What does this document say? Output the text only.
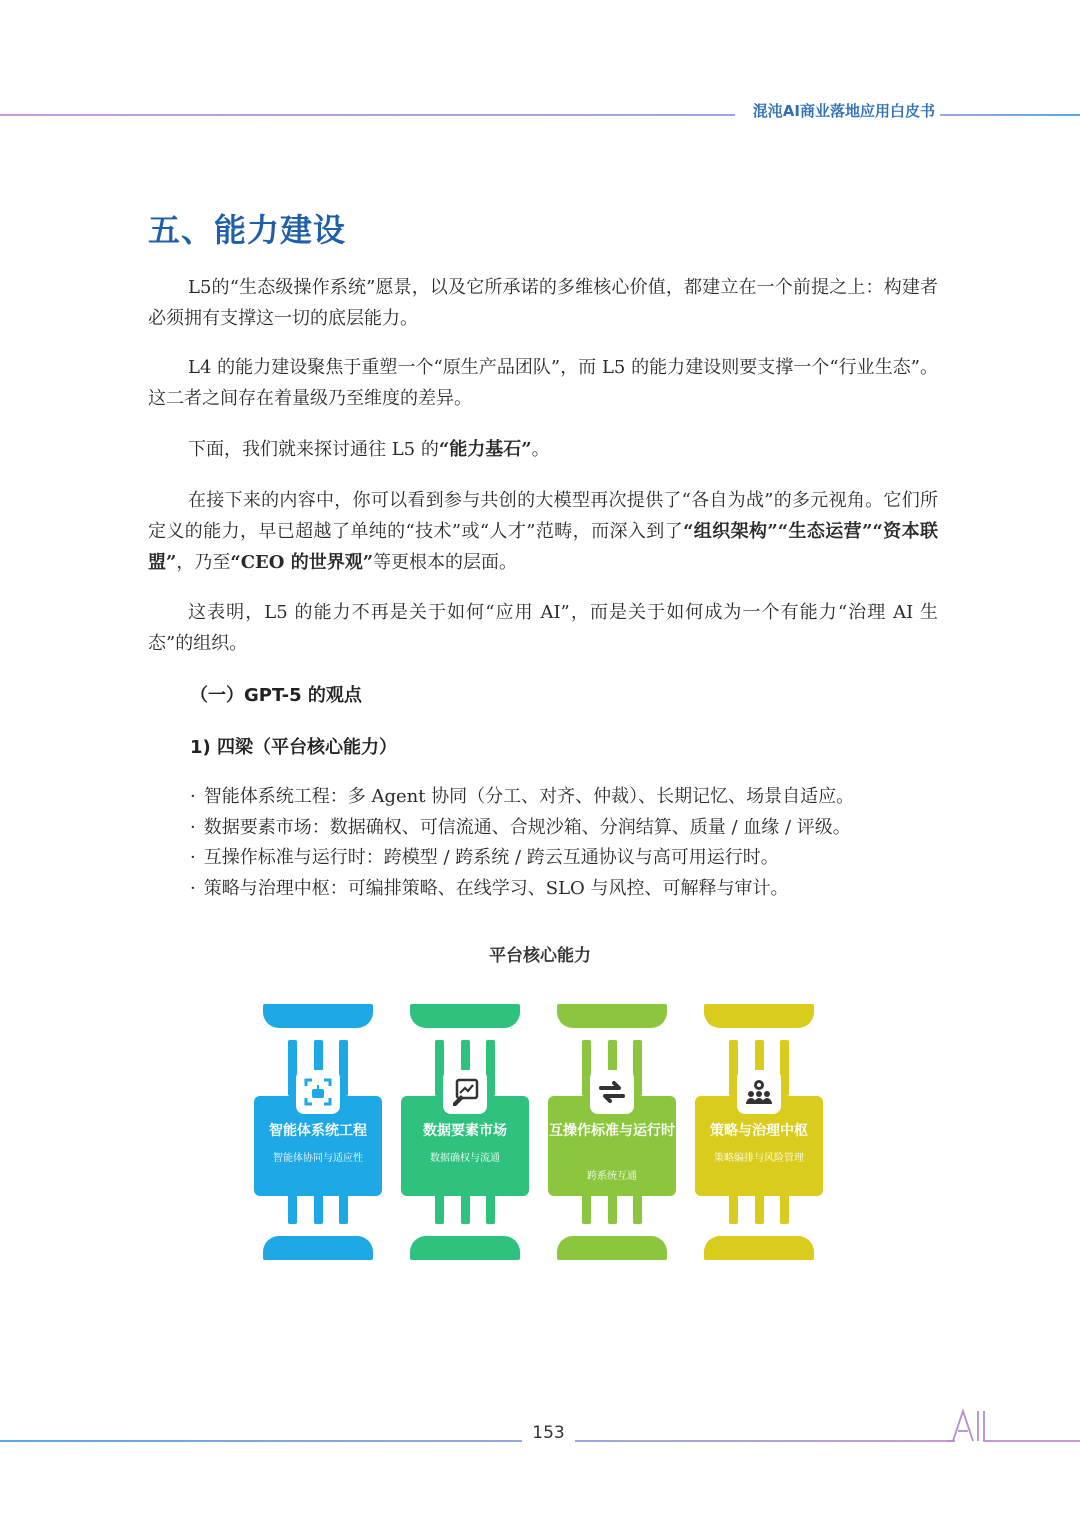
混沌AI商业落地应用白皮书
五、能力建设

L5的“生态级操作系统”愿景，以及它所承诺的多维核心价值，都建立在一个前提之上：构建者必须拥有支撑这一切的底层能力。

L4 的能力建设聚焦于重塑一个“原生产品团队”，而 L5 的能力建设则要支撑一个“行业生态”。这二者之间存在着量级乃至维度的差异。

下面，我们就来探讨通往 L5 的“能力基石”。

在接下来的内容中，你可以看到参与共创的大模型再次提供了“各自为战”的多元视角。它们所定义的能力，早已超越了单纯的“技术”或“人才”范畴，而深入到了“组织架构”“生态运营”“资本联盟”，乃至“CEO 的世界观”等更根本的层面。

这表明，L5 的能力不再是关于如何“应用 AI”，而是关于如何成为一个有能力“治理 AI 生态”的组织。

（一）GPT-5 的观点
1) 四梁（平台核心能力）
· 智能体系统工程：多 Agent 协同（分工、对齐、仲裁）、长期记忆、场景自适应。
· 数据要素市场：数据确权、可信流通、合规沙箱、分润结算、质量 / 血缘 / 评级。
· 互操作标准与运行时：跨模型 / 跨系统 / 跨云互通协议与高可用运行时。
· 策略与治理中枢：可编排策略、在线学习、SLO 与风控、可解释与审计。
平台核心能力
智能体系统工程
智能体协同与适应性
数据要素市场
数据确权与流通
互操作标准与运行时
跨系统互通
策略与治理中枢
策略编排与风险管理
153
